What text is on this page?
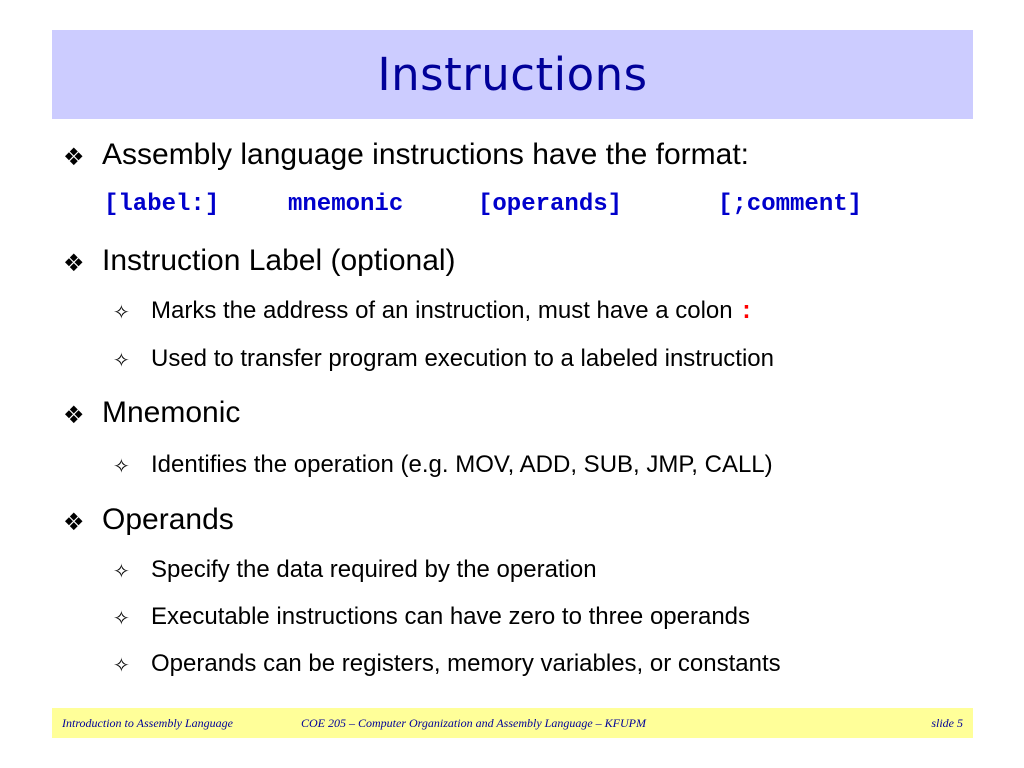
Instructions
❖ Assembly language instructions have the format:
[label:]	mnemonic	[operands]	[;comment]
❖ Instruction Label (optional)
✧ Marks the address of an instruction, must have a colon :
✧ Used to transfer program execution to a labeled instruction
❖ Mnemonic
✧ Identifies the operation (e.g. MOV, ADD, SUB, JMP, CALL)
❖ Operands
✧ Specify the data required by the operation
✧ Executable instructions can have zero to three operands
✧ Operands can be registers, memory variables, or constants
Introduction to Assembly Language	COE 205 – Computer Organization and Assembly Language – KFUPM	slide 5
